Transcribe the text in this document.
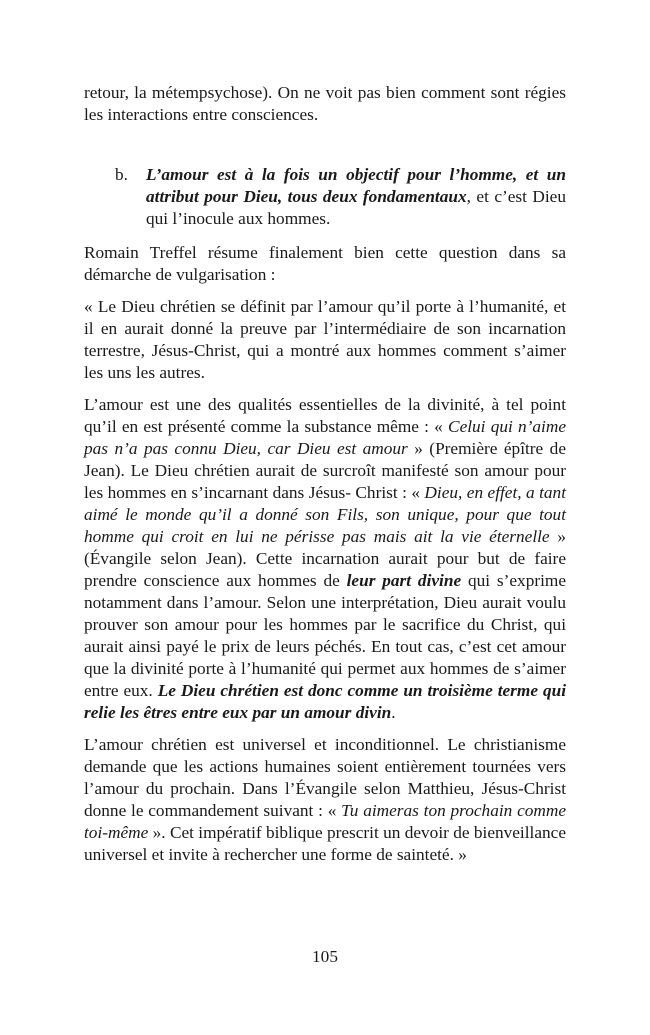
retour, la métempsychose). On ne voit pas bien comment sont régies les interactions entre consciences.

b. L’amour est à la fois un objectif pour l’homme, et un attribut pour Dieu, tous deux fondamentaux, et c’est Dieu qui l’inocule aux hommes.

Romain Treffel résume finalement bien cette question dans sa démarche de vulgarisation :

« Le Dieu chrétien se définit par l’amour qu’il porte à l’humanité, et il en aurait donné la preuve par l’intermédiaire de son incarnation terrestre, Jésus-Christ, qui a montré aux hommes comment s’aimer les uns les autres.

L’amour est une des qualités essentielles de la divinité, à tel point qu’il en est présenté comme la substance même : « Celui qui n’aime pas n’a pas connu Dieu, car Dieu est amour » (Première épître de Jean). Le Dieu chrétien aurait de surcroît manifesté son amour pour les hommes en s’incarnant dans Jésus- Christ : « Dieu, en effet, a tant aimé le monde qu’il a donné son Fils, son unique, pour que tout homme qui croit en lui ne périsse pas mais ait la vie éternelle » (Évangile selon Jean). Cette incarnation aurait pour but de faire prendre conscience aux hommes de leur part divine qui s’exprime notamment dans l’amour. Selon une interprétation, Dieu aurait voulu prouver son amour pour les hommes par le sacrifice du Christ, qui aurait ainsi payé le prix de leurs péchés. En tout cas, c’est cet amour que la divinité porte à l’humanité qui permet aux hommes de s’aimer entre eux. Le Dieu chrétien est donc comme un troisième terme qui relie les êtres entre eux par un amour divin.

L’amour chrétien est universel et inconditionnel. Le christianisme demande que les actions humaines soient entièrement tournées vers l’amour du prochain. Dans l’Évangile selon Matthieu, Jésus-Christ donne le commandement suivant : « Tu aimeras ton prochain comme toi-même ». Cet impératif biblique prescrit un devoir de bienveillance universel et invite à rechercher une forme de sainteté. »

105
